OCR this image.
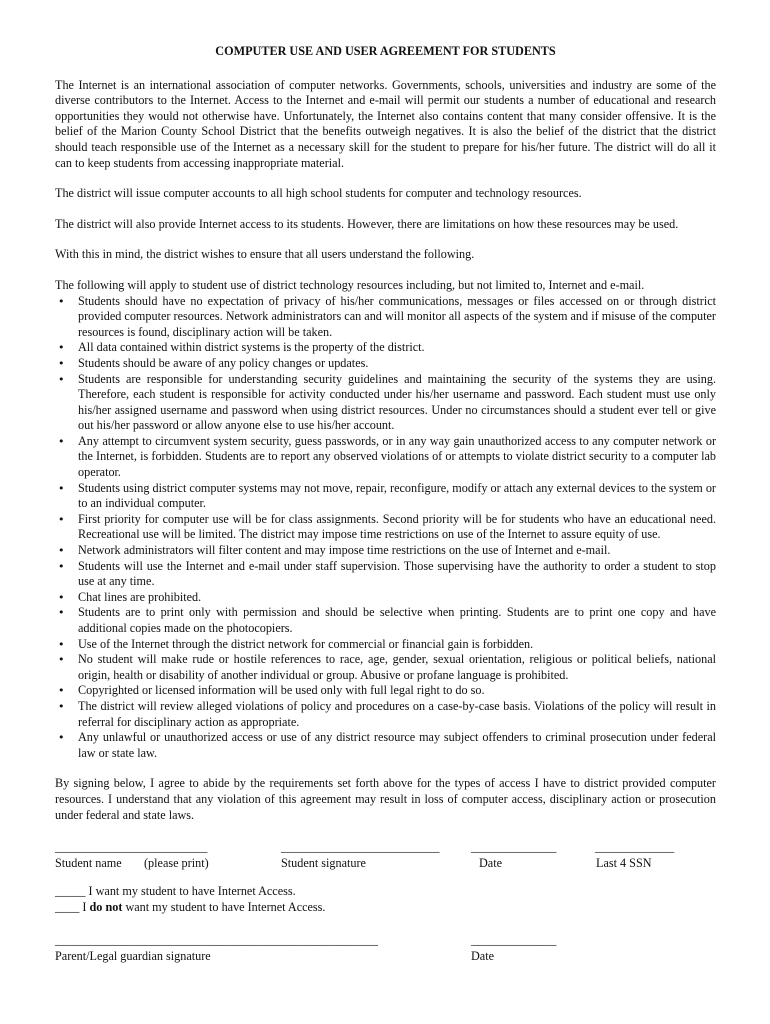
COMPUTER USE AND USER AGREEMENT FOR STUDENTS

The Internet is an international association of computer networks. Governments, schools, universities and industry are some of the diverse contributors to the Internet. Access to the Internet and e-mail will permit our students a number of educational and research opportunities they would not otherwise have. Unfortunately, the Internet also contains content that many consider offensive. It is the belief of the Marion County School District that the benefits outweigh negatives. It is also the belief of the district that the district should teach responsible use of the Internet as a necessary skill for the student to prepare for his/her future. The district will do all it can to keep students from accessing inappropriate material.

The district will issue computer accounts to all high school students for computer and technology resources.

The district will also provide Internet access to its students. However, there are limitations on how these resources may be used.

With this in mind, the district wishes to ensure that all users understand the following.

The following will apply to student use of district technology resources including, but not limited to, Internet and e-mail.

• Students should have no expectation of privacy of his/her communications, messages or files accessed on or through district provided computer resources. Network administrators can and will monitor all aspects of the system and if misuse of the computer resources is found, disciplinary action will be taken.
• All data contained within district systems is the property of the district.
• Students should be aware of any policy changes or updates.
• Students are responsible for understanding security guidelines and maintaining the security of the systems they are using. Therefore, each student is responsible for activity conducted under his/her username and password. Each student must use only his/her assigned username and password when using district resources. Under no circumstances should a student ever tell or give out his/her password or allow anyone else to use his/her account.
• Any attempt to circumvent system security, guess passwords, or in any way gain unauthorized access to any computer network or the Internet, is forbidden. Students are to report any observed violations of or attempts to violate district security to a computer lab operator.
• Students using district computer systems may not move, repair, reconfigure, modify or attach any external devices to the system or to an individual computer.
• First priority for computer use will be for class assignments. Second priority will be for students who have an educational need. Recreational use will be limited. The district may impose time restrictions on use of the Internet to assure equity of use.
• Network administrators will filter content and may impose time restrictions on the use of Internet and e-mail.
• Students will use the Internet and e-mail under staff supervision. Those supervising have the authority to order a student to stop use at any time.
• Chat lines are prohibited.
• Students are to print only with permission and should be selective when printing. Students are to print one copy and have additional copies made on the photocopiers.
• Use of the Internet through the district network for commercial or financial gain is forbidden.
• No student will make rude or hostile references to race, age, gender, sexual orientation, religious or political beliefs, national origin, health or disability of another individual or group. Abusive or profane language is prohibited.
• Copyrighted or licensed information will be used only with full legal right to do so.
• The district will review alleged violations of policy and procedures on a case-by-case basis. Violations of the policy will result in referral for disciplinary action as appropriate.
• Any unlawful or unauthorized access or use of any district resource may subject offenders to criminal prosecution under federal law or state law.

By signing below, I agree to abide by the requirements set forth above for the types of access I have to district provided computer resources. I understand that any violation of this agreement may result in loss of computer access, disciplinary action or prosecution under federal and state laws.

_________________________
Student name (please print)
__________________________
Student signature
______________
Date
_____________
Last 4 SSN

_____ I want my student to have Internet Access.

____ I do not want my student to have Internet Access.

_____________________________________________________
Parent/Legal guardian signature
______________
Date
